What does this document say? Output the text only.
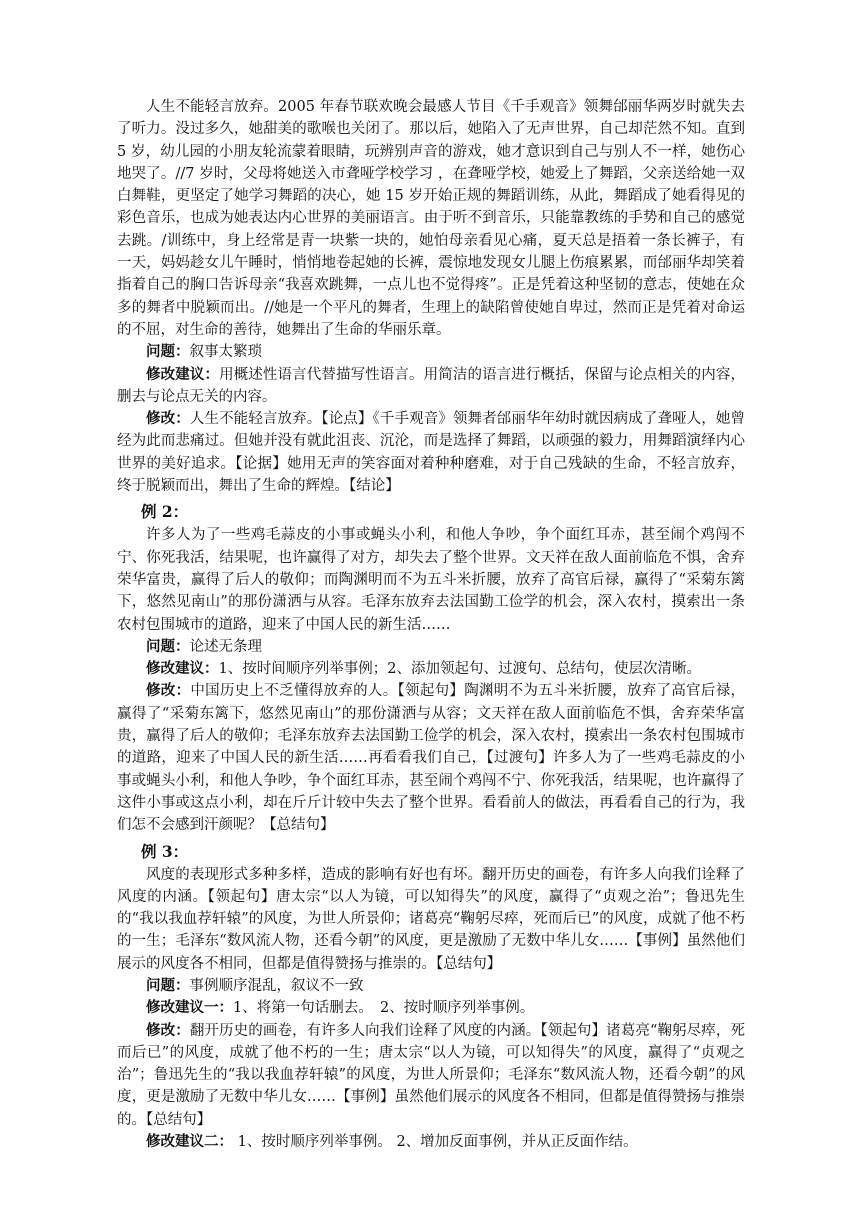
人生不能轻言放弃。2005 年春节联欢晚会最感人节目《千手观音》领舞邰丽华两岁时就失去了听力。没过多久，她甜美的歌喉也关闭了。那以后，她陷入了无声世界，自己却茫然不知。直到 5 岁，幼儿园的小朋友轮流蒙着眼睛，玩辨别声音的游戏，她才意识到自己与别人不一样，她伤心地哭了。//7 岁时，父母将她送入市聋哑学校学习 ，在聋哑学校，她爱上了舞蹈，父亲送给她一双白舞鞋，更坚定了她学习舞蹈的决心，她 15 岁开始正规的舞蹈训练，从此，舞蹈成了她看得见的彩色音乐，也成为她表达内心世界的美丽语言。由于听不到音乐，只能靠教练的手势和自己的感觉去跳。/训练中，身上经常是青一块紫一块的，她怕母亲看见心痛，夏天总是捂着一条长裤子，有一天，妈妈趁女儿午睡时，悄悄地卷起她的长裤，震惊地发现女儿腿上伤痕累累，而邰丽华却笑着指着自己的胸口告诉母亲“我喜欢跳舞，一点儿也不觉得疼”。正是凭着这种坚韧的意志，使她在众多的舞者中脱颖而出。//她是一个平凡的舞者，生理上的缺陷曾使她自卑过，然而正是凭着对命运的不屈，对生命的善待，她舞出了生命的华丽乐章。

问题：叙事太繁琐

修改建议：用概述性语言代替描写性语言。用简洁的语言进行概括，保留与论点相关的内容，删去与论点无关的内容。

修改：人生不能轻言放弃。【论点】《千手观音》领舞者邰丽华年幼时就因病成了聋哑人，她曾经为此而悲痛过。但她并没有就此沮丧、沉沦，而是选择了舞蹈，以顽强的毅力，用舞蹈演绎内心世界的美好追求。【论据】她用无声的笑容面对着种种磨难，对于自己残缺的生命，不轻言放弃，终于脱颖而出，舞出了生命的辉煌。【结论】

例 2：

许多人为了一些鸡毛蒜皮的小事或蝇头小利，和他人争吵，争个面红耳赤，甚至闹个鸡闯不宁、你死我活，结果呢，也许赢得了对方，却失去了整个世界。文天祥在敌人面前临危不惧，舍弃荣华富贵，赢得了后人的敬仰；而陶渊明而不为五斗米折腰，放弃了高官后禄，赢得了“采菊东篱下，悠然见南山”的那份潇洒与从容。毛泽东放弃去法国勤工俭学的机会，深入农村，摸索出一条农村包围城市的道路，迎来了中国人民的新生活……

问题：论述无条理

修改建议：1、按时间顺序列举事例；2、添加领起句、过渡句、总结句，使层次清晰。

修改：中国历史上不乏懂得放弃的人。【领起句】陶渊明不为五斗米折腰，放弃了高官后禄，赢得了“采菊东篱下，悠然见南山”的那份潇洒与从容；文天祥在敌人面前临危不惧，舍弃荣华富贵，赢得了后人的敬仰；毛泽东放弃去法国勤工俭学的机会，深入农村，摸索出一条农村包围城市的道路，迎来了中国人民的新生活……再看看我们自己，【过渡句】许多人为了一些鸡毛蒜皮的小事或蝇头小利，和他人争吵，争个面红耳赤，甚至闹个鸡闯不宁、你死我活，结果呢，也许赢得了这件小事或这点小利，却在斤斤计较中失去了整个世界。看看前人的做法，再看看自己的行为，我们怎不会感到汗颜呢？【总结句】

例 3：

风度的表现形式多种多样，造成的影响有好也有坏。翻开历史的画卷，有许多人向我们诠释了风度的内涵。【领起句】唐太宗“以人为镜，可以知得失”的风度，赢得了“贞观之治”；鲁迅先生的“我以我血荐轩辕”的风度，为世人所景仰；诸葛亮“鞠躬尽瘁，死而后已”的风度，成就了他不朽的一生；毛泽东“数风流人物，还看今朝”的风度，更是激励了无数中华儿女……【事例】虽然他们展示的风度各不相同，但都是值得赞扬与推崇的。【总结句】

问题：事例顺序混乱，叙议不一致

修改建议一：1、将第一句话删去。　2、按时顺序列举事例。

修改：翻开历史的画卷，有许多人向我们诠释了风度的内涵。【领起句】诸葛亮“鞠躬尽瘁，死而后已”的风度，成就了他不朽的一生；唐太宗“以人为镜，可以知得失”的风度，赢得了“贞观之治”；鲁迅先生的“我以我血荐轩辕”的风度，为世人所景仰；毛泽东“数风流人物，还看今朝”的风度，更是激励了无数中华儿女……【事例】虽然他们展示的风度各不相同，但都是值得赞扬与推崇的。【总结句】

修改建议二： 1、按时顺序列举事例。 2、增加反面事例，并从正反面作结。
